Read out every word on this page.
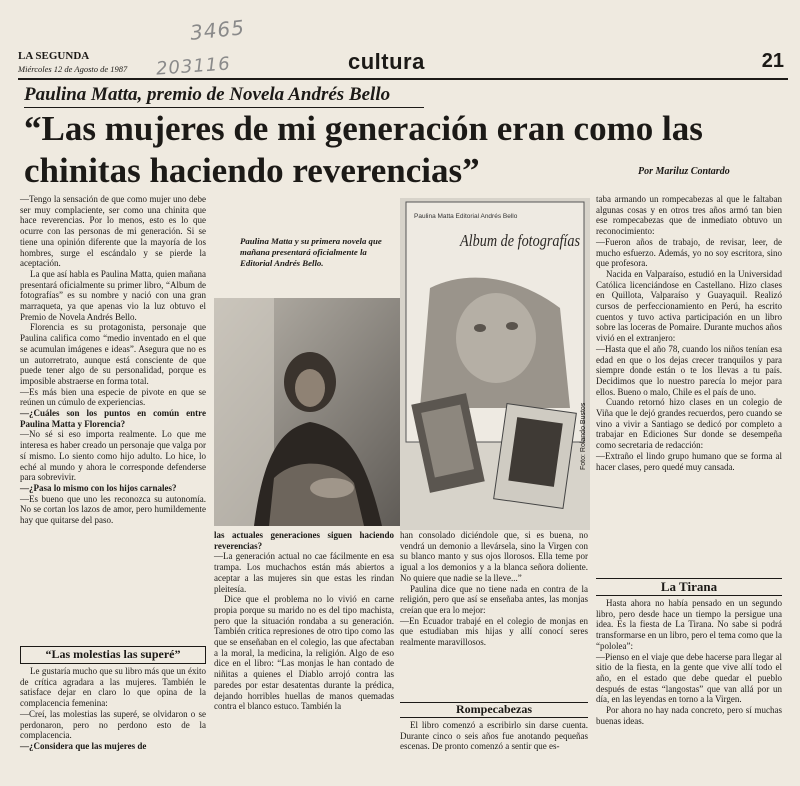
3465
203116
LA SEGUNDA
Miércoles 12 de Agosto de 1987	cultura	21
Paulina Matta, premio de Novela Andrés Bello
“Las mujeres de mi generación eran como las chinitas haciendo reverencias”	Por Mariluz Contardo

—Tengo la sensación de que como mujer uno debe ser muy complaciente, ser como una chinita que hace reverencias. Por lo menos, esto es lo que ocurre con las personas de mi generación. Si se tiene una opinión diferente que la mayoría de los hombres, surge el escándalo y se pierde la aceptación.

La que así habla es Paulina Matta, quien mañana presentará oficialmente su primer libro, “Album de fotografías” es su nombre y nació con una gran marraqueta, ya que apenas vio la luz obtuvo el Premio de Novela Andrés Bello.

Florencia es su protagonista, personaje que Paulina califica como “medio inventado en el que se acumulan imágenes e ideas”. Asegura que no es un autorretrato, aunque está consciente de que puede tener algo de su personalidad, porque es imposible abstraerse en forma total.

—Es más bien una especie de pivote en que se reúnen un cúmulo de experiencias.

—¿Cuáles son los puntos en común entre Paulina Matta y Florencia?

—No sé si eso importa realmente. Lo que me interesa es haber creado un personaje que valga por sí mismo. Lo siento como hijo adulto. Lo hice, lo eché al mundo y ahora le corresponde defenderse para sobrevivir.

—¿Pasa lo mismo con los hijos carnales?

—Es bueno que uno les reconozca su autonomía. No se cortan los lazos de amor, pero humildemente hay que quitarse del paso.

“Las molestias las superé”

Le gustaría mucho que su libro más que un éxito de crítica agradara a las mujeres. También le satisface dejar en claro lo que opina de la complacencia femenina:

—Creí, las molestias las superé, se olvidaron o se perdonaron, pero no perdono esto de la complacencia.

—¿Considera que las mujeres de

Paulina Matta y su primera novela que mañana presentará oficialmente la Editorial Andrés Bello.
Paulina Matta Editorial Andrés Bello
Album de fotografías
Foto: Rolando Bustos

las actuales generaciones siguen haciendo reverencias?

—La generación actual no cae fácilmente en esa trampa. Los muchachos están más abiertos a aceptar a las mujeres sin que estas les rindan pleitesía.

Dice que el problema no lo vivió en carne propia porque su marido no es del tipo machista, pero que la situación rondaba a su generación. También critica represiones de otro tipo como las que se enseñaban en el colegio, las que afectaban a la moral, la medicina, la religión. Algo de eso dice en el libro: “Las monjas le han contado de niñitas a quienes el Diablo arrojó contra las paredes por estar desatentas durante la prédica, dejando horribles huellas de manos quemadas contra el blanco estuco. También la

han consolado diciéndole que, si es buena, no vendrá un demonio a llevársela, sino la Virgen con su blanco manto y sus ojos llorosos. Ella teme por igual a los demonios y a la blanca señora doliente. No quiere que nadie se la lleve...”

Paulina dice que no tiene nada en contra de la religión, pero que así se enseñaba antes, las monjas creían que era lo mejor:

—En Ecuador trabajé en el colegio de monjas en que estudiaban mis hijas y allí conocí seres realmente maravillosos.

Rompecabezas

El libro comenzó a escribirlo sin darse cuenta. Durante cinco o seis años fue anotando pequeñas escenas. De pronto comenzó a sentir que es-

taba armando un rompecabezas al que le faltaban algunas cosas y en otros tres años armó tan bien ese rompecabezas que de inmediato obtuvo un reconocimiento:

—Fueron años de trabajo, de revisar, leer, de mucho esfuerzo. Además, yo no soy escritora, sino que profesora.

Nacida en Valparaíso, estudió en la Universidad Católica licenciándose en Castellano. Hizo clases en Quillota, Valparaíso y Guayaquil. Realizó cursos de perfeccionamiento en Perú, ha escrito cuentos y tuvo activa participación en un libro sobre las loceras de Pomaire. Durante muchos años vivió en el extranjero:

—Hasta que el año 78, cuando los niños tenían esa edad en que o los dejas crecer tranquilos y para siempre donde están o te los llevas a tu país. Decidimos que lo nuestro parecía lo mejor para ellos. Bueno o malo, Chile es el país de uno.

Cuando retornó hizo clases en un colegio de Viña que le dejó grandes recuerdos, pero cuando se vino a vivir a Santiago se dedicó por completo a trabajar en Ediciones Sur donde se desempeña como secretaria de redacción:

—Extraño el lindo grupo humano que se forma al hacer clases, pero quedé muy cansada.

La Tirana

Hasta ahora no había pensado en un segundo libro, pero desde hace un tiempo la persigue una idea. Es la fiesta de La Tirana. No sabe si podrá transformarse en un libro, pero el tema como que la “pololea”:

—Pienso en el viaje que debe hacerse para llegar al sitio de la fiesta, en la gente que vive allí todo el año, en el estado que debe quedar el pueblo después de estas “langostas” que van allá por un día, en las leyendas en torno a la Virgen.

Por ahora no hay nada concreto, pero sí muchas buenas ideas.
